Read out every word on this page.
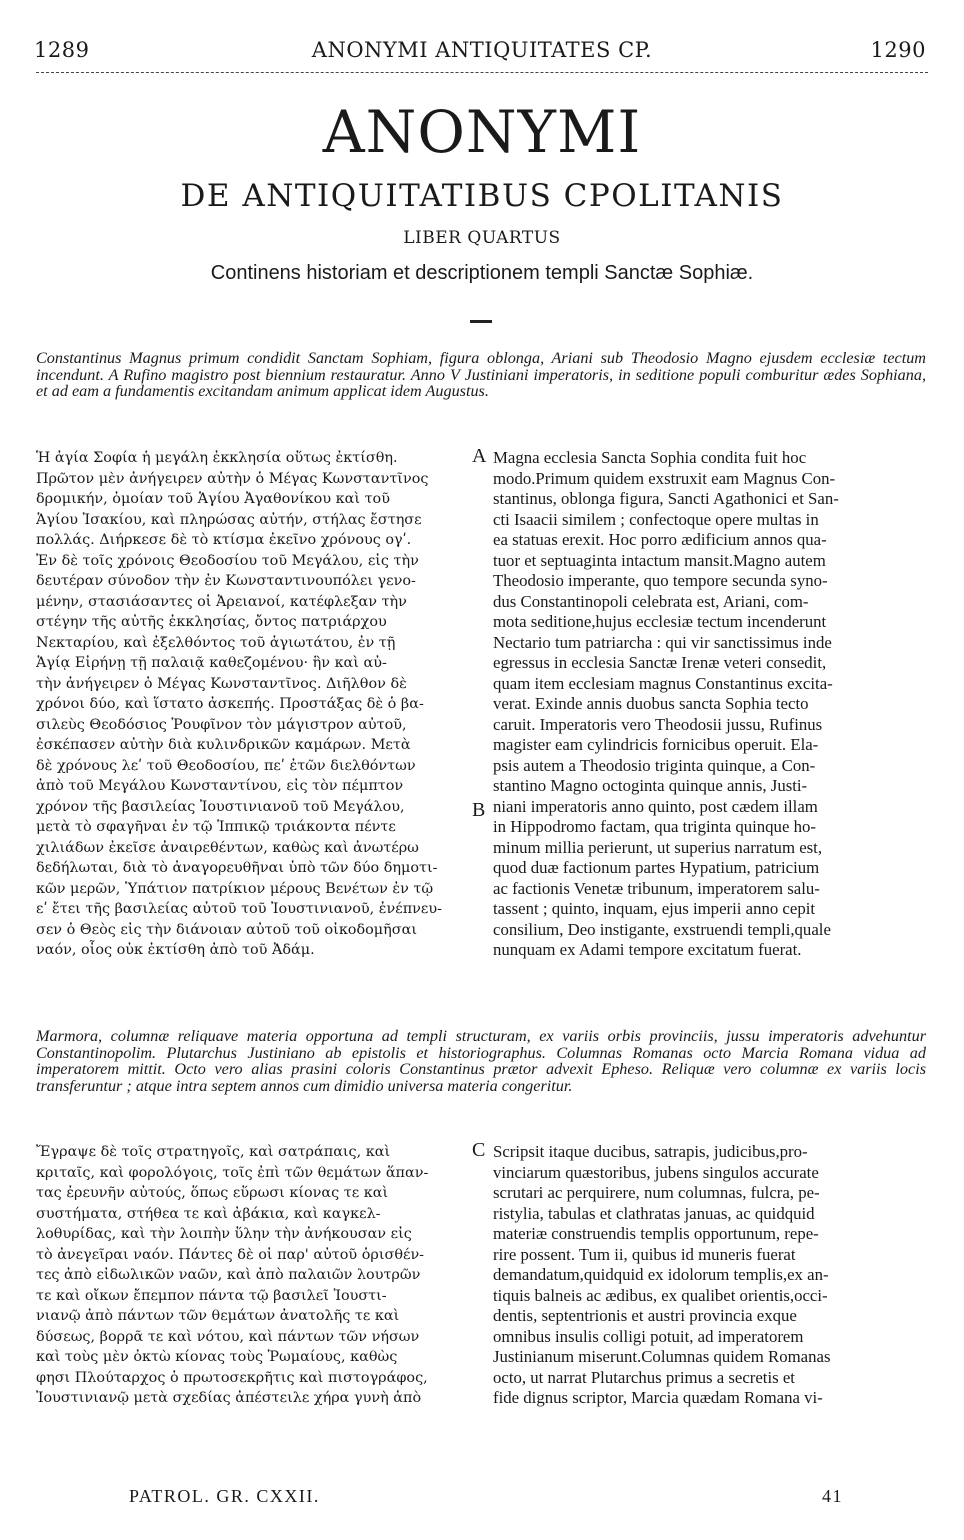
1289	ANONYMI ANTIQUITATES CP.	1290
ANONYMI
DE ANTIQUITATIBUS CPOLITANIS
LIBER QUARTUS
Continens historiam et descriptionem templi Sanctæ Sophiæ.
Constantinus Magnus primum condidit Sanctam Sophiam, figura oblonga, Ariani sub Theodosio Magno ejusdem ecclesiæ tectum incendunt. A Rufino magistro post biennium restauratur. Anno V Justiniani imperatoris, in seditione populi comburitur ædes Sophiana, et ad eam a fundamentis excitandam animum applicat idem Augustus.
A
B
Ἡ ἁγία Σοφία ἡ μεγάλη ἐκκλησία οὕτως ἐκτίσθη.
Πρῶτον μὲν ἀνήγειρεν αὐτὴν ὁ Μέγας Κωνσταντῖνος
δρομικήν, ὁμοίαν τοῦ Ἁγίου Ἀγαθονίκου καὶ τοῦ
Ἁγίου Ἰσακίου, καὶ πληρώσας αὐτήν, στήλας ἔστησε
πολλάς. Διήρκεσε δὲ τὸ κτίσμα ἐκεῖνο χρόνους ογʹ.
Ἐν δὲ τοῖς χρόνοις Θεοδοσίου τοῦ Μεγάλου, εἰς τὴν
δευτέραν σύνοδον τὴν ἐν Κωνσταντινουπόλει γενο-
μένην, στασιάσαντες οἱ Ἀρειανοί, κατέφλεξαν τὴν
στέγην τῆς αὐτῆς ἐκκλησίας, ὄντος πατριάρχου
Νεκταρίου, καὶ ἐξελθόντος τοῦ ἁγιωτάτου, ἐν τῇ
Ἁγίᾳ Εἰρήνῃ τῇ παλαιᾷ καθεζομένου· ἣν καὶ αὐ-
τὴν ἀνήγειρεν ὁ Μέγας Κωνσταντῖνος. Διῆλθον δὲ
χρόνοι δύο, καὶ ἵστατο ἀσκεπής. Προστάξας δὲ ὁ βα-
σιλεὺς Θεοδόσιος Ῥουφῖνον τὸν μάγιστρον αὐτοῦ,
ἐσκέπασεν αὐτὴν διὰ κυλινδρικῶν καμάρων. Μετὰ
δὲ χρόνους λεʹ τοῦ Θεοδοσίου, πεʹ ἐτῶν διελθόντων
ἀπὸ τοῦ Μεγάλου Κωνσταντίνου, εἰς τὸν πέμπτον
χρόνον τῆς βασιλείας Ἰουστινιανοῦ τοῦ Μεγάλου,
μετὰ τὸ σφαγῆναι ἐν τῷ Ἱππικῷ τριάκοντα πέντε
χιλιάδων ἐκεῖσε ἀναιρεθέντων, καθὼς καὶ ἀνωτέρω
δεδήλωται, διὰ τὸ ἀναγορευθῆναι ὑπὸ τῶν δύο δημοτι-
κῶν μερῶν, Ὑπάτιον πατρίκιον μέρους Βενέτων ἐν τῷ
εʹ ἔτει τῆς βασιλείας αὐτοῦ τοῦ Ἰουστινιανοῦ, ἐνέπνευ-
σεν ὁ Θεὸς εἰς τὴν διάνοιαν αὐτοῦ τοῦ οἰκοδομῆσαι
ναόν, οἷος οὐκ ἐκτίσθη ἀπὸ τοῦ Ἀδάμ.
Magna ecclesia Sancta Sophia condita fuit hoc
modo.Primum quidem exstruxit eam Magnus Con-
stantinus, oblonga figura, Sancti Agathonici et San-
cti Isaacii similem ; confectoque opere multas in
ea statuas erexit. Hoc porro ædificium annos qua-
tuor et septuaginta intactum mansit.Magno autem
Theodosio imperante, quo tempore secunda syno-
dus Constantinopoli celebrata est, Ariani, com-
mota seditione,hujus ecclesiæ tectum incenderunt
Nectario tum patriarcha : qui vir sanctissimus inde
egressus in ecclesia Sanctæ Irenæ veteri consedit,
quam item ecclesiam magnus Constantinus excita-
verat. Exinde annis duobus sancta Sophia tecto
caruit. Imperatoris vero Theodosii jussu, Rufinus
magister eam cylindricis fornicibus operuit. Ela-
psis autem a Theodosio triginta quinque, a Con-
stantino Magno octoginta quinque annis, Justi-
niani imperatoris anno quinto, post cædem illam
in Hippodromo factam, qua triginta quinque ho-
minum millia perierunt, ut superius narratum est,
quod duæ factionum partes Hypatium, patricium
ac factionis Venetæ tribunum, imperatorem salu-
tassent ; quinto, inquam, ejus imperii anno cepit
consilium, Deo instigante, exstruendi templi,quale
nunquam ex Adami tempore excitatum fuerat.
Marmora, columnæ reliquave materia opportuna ad templi structuram, ex variis orbis provinciis, jussu imperatoris advehuntur Constantinopolim. Plutarchus Justiniano ab epistolis et historiographus. Columnas Romanas octo Marcia Romana vidua ad imperatorem mittit. Octo vero alias prasini coloris Constantinus prætor advexit Epheso. Reliquæ vero columnæ ex variis locis transferuntur ; atque intra septem annos cum dimidio universa materia congeritur.
C
Ἔγραψε δὲ τοῖς στρατηγοῖς, καὶ σατράπαις, καὶ
κριταῖς, καὶ φορολόγοις, τοῖς ἐπὶ τῶν θεμάτων ἅπαν-
τας ἐρευνῆν αὐτούς, ὅπως εὕρωσι κίονας τε καὶ
συστήματα, στήθεα τε καὶ ἀβάκια, καὶ καγκελ-
λοθυρίδας, καὶ τὴν λοιπὴν ὕλην τὴν ἀνήκουσαν εἰς
τὸ ἀνεγεῖραι ναόν. Πάντες δὲ οἱ παρ' αὐτοῦ ὁρισθέν-
τες ἀπὸ εἰδωλικῶν ναῶν, καὶ ἀπὸ παλαιῶν λουτρῶν
τε καὶ οἴκων ἔπεμπον πάντα τῷ βασιλεῖ Ἰουστι-
νιανῷ ἀπὸ πάντων τῶν θεμάτων ἀνατολῆς τε καὶ
δύσεως, βορρᾶ τε καὶ νότου, καὶ πάντων τῶν νήσων
καὶ τοὺς μὲν ὀκτὼ κίονας τοὺς Ῥωμαίους, καθὼς
φησι Πλούταρχος ὁ πρωτοσεκρῆτις καὶ πιστογράφος,
Ἰουστινιανῷ μετὰ σχεδίας ἀπέστειλε χήρα γυνὴ ἀπὸ
Scripsit itaque ducibus, satrapis, judicibus,pro-
vinciarum quæstoribus, jubens singulos accurate
scrutari ac perquirere, num columnas, fulcra, pe-
ristylia, tabulas et clathratas januas, ac quidquid
materiæ construendis templis opportunum, repe-
rire possent. Tum ii, quibus id muneris fuerat
demandatum,quidquid ex idolorum templis,ex an-
tiquis balneis ac ædibus, ex qualibet orientis,occi-
dentis, septentrionis et austri provincia exque
omnibus insulis colligi potuit, ad imperatorem
Justinianum miserunt.Columnas quidem Romanas
octo, ut narrat Plutarchus primus a secretis et
fide dignus scriptor, Marcia quædam Romana vi-
PATROL. GR. CXXII.	41
